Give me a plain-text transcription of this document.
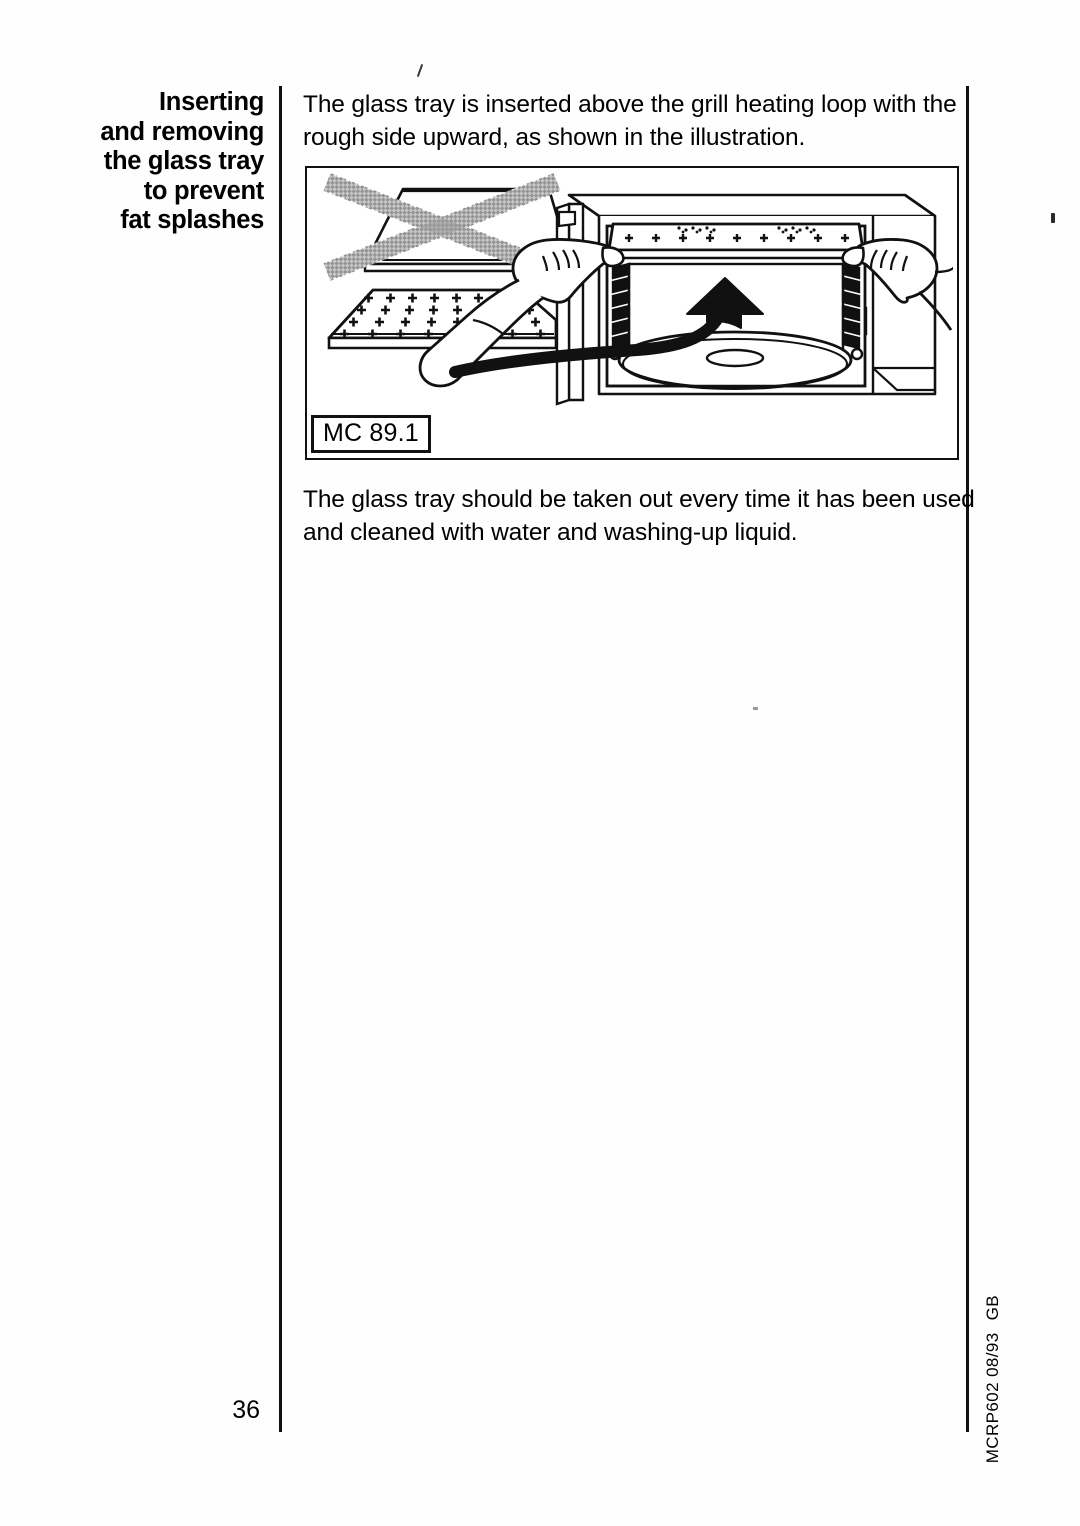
Inserting
and removing
the glass tray
to prevent
fat splashes
The glass tray is inserted above the grill heating loop with the
rough side upward, as shown in the illustration.
MC 89.1
The glass tray should be taken out every time it has been used
and cleaned with water and washing-up liquid.
36	MCRP602 08/93GB
